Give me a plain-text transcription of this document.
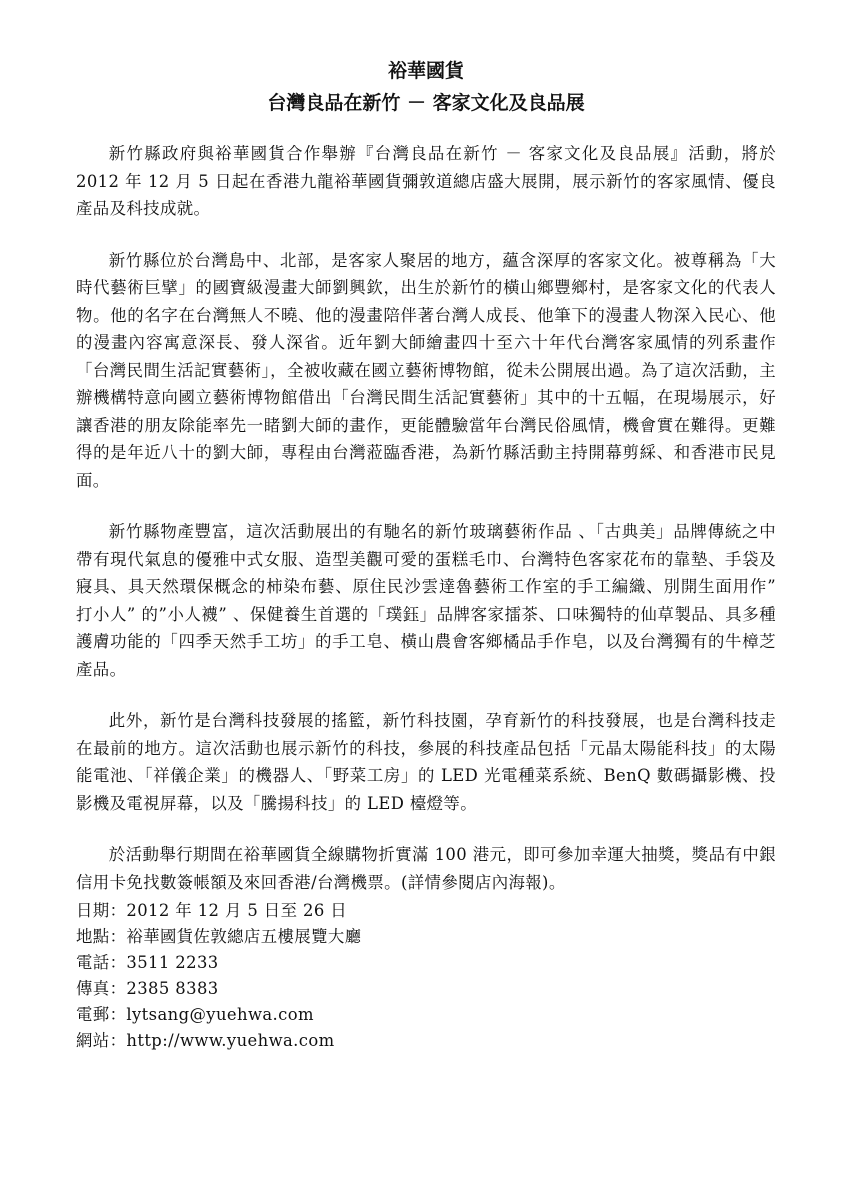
裕華國貨
台灣良品在新竹 － 客家文化及良品展

新竹縣政府與裕華國貨合作舉辦『台灣良品在新竹 － 客家文化及良品展』活動，將於 2012 年 12 月 5 日起在香港九龍裕華國貨彌敦道總店盛大展開，展示新竹的客家風情、優良產品及科技成就。

新竹縣位於台灣島中、北部，是客家人聚居的地方，蘊含深厚的客家文化。被尊稱為「大時代藝術巨擘」的國寶級漫畫大師劉興欽，出生於新竹的橫山鄉豐鄉村，是客家文化的代表人物。他的名字在台灣無人不曉、他的漫畫陪伴著台灣人成長、他筆下的漫畫人物深入民心、他的漫畫內容寓意深長、發人深省。近年劉大師繪畫四十至六十年代台灣客家風情的列系畫作「台灣民間生活記實藝術」，全被收藏在國立藝術博物館，從未公開展出過。為了這次活動，主辦機構特意向國立藝術博物館借出「台灣民間生活記實藝術」其中的十五幅，在現場展示，好讓香港的朋友除能率先一睹劉大師的畫作，更能體驗當年台灣民俗風情，機會實在難得。更難得的是年近八十的劉大師，專程由台灣蒞臨香港，為新竹縣活動主持開幕剪綵、和香港市民見面。

新竹縣物產豐富，這次活動展出的有馳名的新竹玻璃藝術作品 、「古典美」品牌傳統之中帶有現代氣息的優雅中式女服、造型美觀可愛的蛋糕毛巾、台灣特色客家花布的靠墊、手袋及寢具、具天然環保概念的柿染布藝、原住民沙雲達魯藝術工作室的手工編織、別開生面用作” 打小人” 的”小人襪” 、保健養生首選的「璞鈺」品牌客家擂茶、口味獨特的仙草製品、具多種護膚功能的「四季天然手工坊」的手工皂、橫山農會客鄉橘品手作皂，以及台灣獨有的牛樟芝產品。

此外，新竹是台灣科技發展的搖籃，新竹科技園，孕育新竹的科技發展，也是台灣科技走在最前的地方。這次活動也展示新竹的科技，參展的科技產品包括「元晶太陽能科技」的太陽能電池、「祥儀企業」的機器人、「野菜工房」的 LED 光電種菜系統、BenQ 數碼攝影機、投影機及電視屏幕，以及「騰揚科技」的 LED 檯燈等。

於活動舉行期間在裕華國貨全線購物折實滿 100 港元，即可參加幸運大抽獎，獎品有中銀信用卡免找數簽帳額及來回香港/台灣機票。(詳情參閱店內海報)。

日期：2012 年 12 月 5 日至 26 日

地點：裕華國貨佐敦總店五樓展覽大廳

電話：3511 2233

傳真：2385 8383

電郵：lytsang@yuehwa.com

網站：http://www.yuehwa.com
